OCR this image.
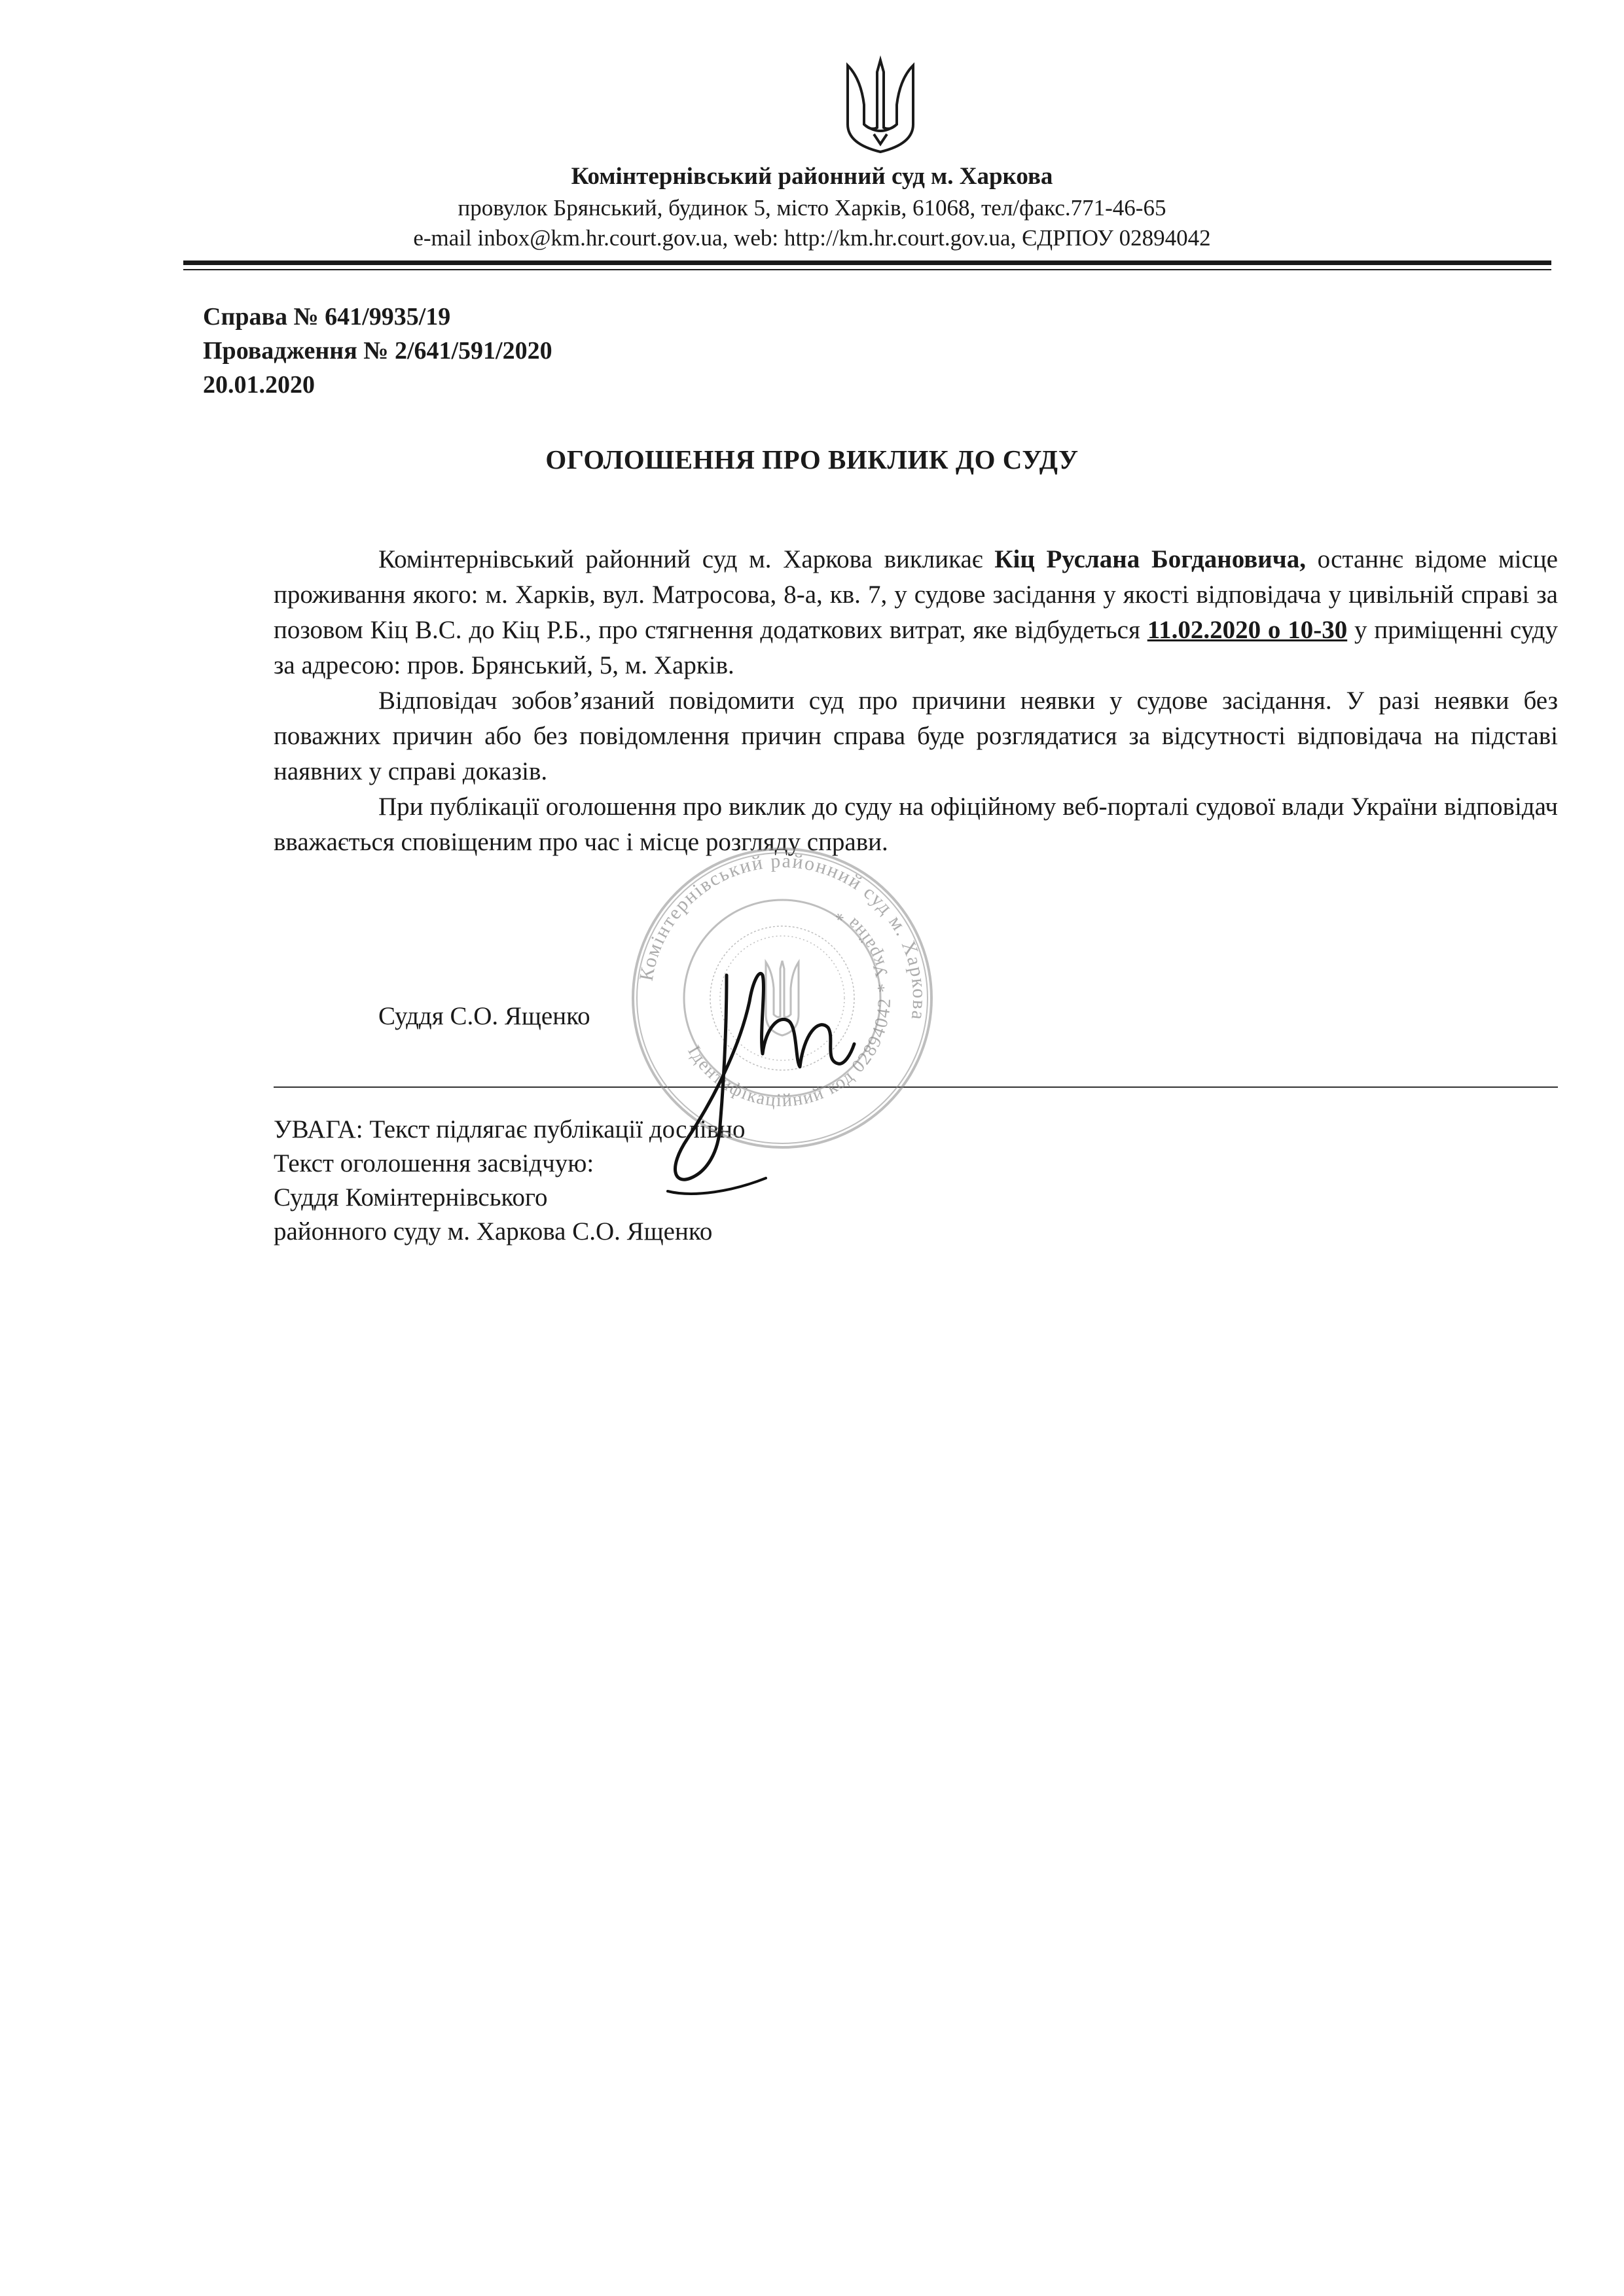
Комінтернівський районний суд м. Харкова
провулок Брянський, будинок 5, місто Харків, 61068, тел/факс.771-46-65
e-mail inbox@km.hr.court.gov.ua, web: http://km.hr.court.gov.ua, ЄДРПОУ 02894042
Справа № 641/9935/19
Провадження № 2/641/591/2020
20.01.2020
ОГОЛОШЕННЯ ПРО ВИКЛИК ДО СУДУ

Комінтернівський районний суд м. Харкова викликає Кіц Руслана Богдановича, останнє відоме місце проживання якого: м. Харків, вул. Матросова, 8-а, кв. 7, у судове засідання у якості відповідача у цивільній справі за позовом Кіц В.С. до Кіц Р.Б., про стягнення додаткових витрат, яке відбудеться 11.02.2020 о 10-30 у приміщенні суду за адресою: пров. Брянський, 5, м. Харків.

Відповідач зобов’язаний повідомити суд про причини неявки у судове засідання. У разі неявки без поважних причин або без повідомлення причин справа буде розглядатися за відсутності відповідача на підставі наявних у справі доказів.

При публікації оголошення про виклик до суду на офіційному веб-порталі судової влади України відповідач вважається сповіщеним про час і місце розгляду справи.

Суддя С.О. Ященко
УВАГА: Текст підлягає публікації дослівно
Текст оголошення засвідчую:
Суддя Комінтернівського
районного суду м. Харкова С.О. Ященко
Комінтернівський районний суд м. Харкова
Ідентифікаційний код 02894042 * Україна *
